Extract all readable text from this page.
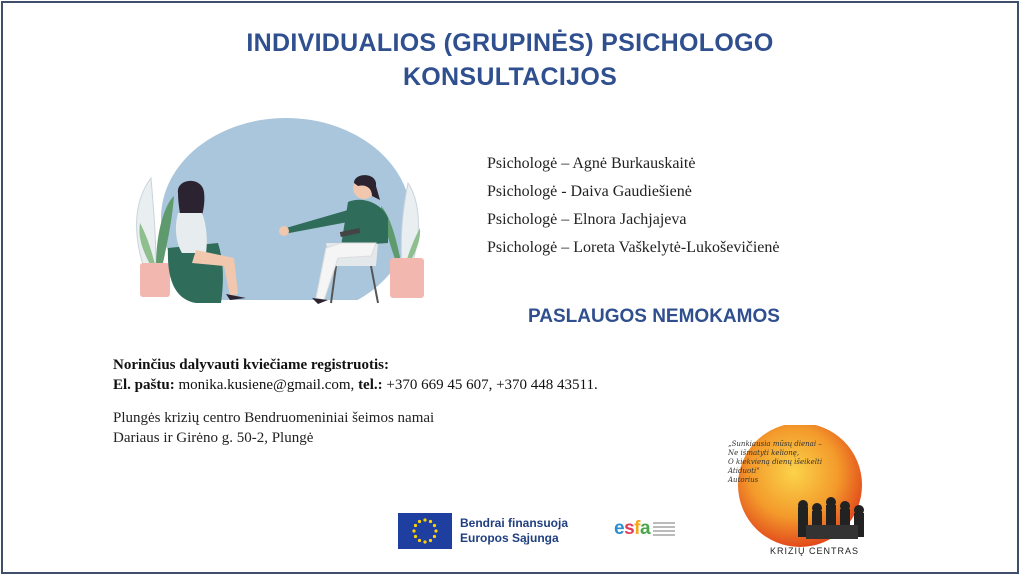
INDIVIDUALIOS (GRUPINĖS) PSICHOLOGO
KONSULTACIJOS
Psichologė – Agnė Burkauskaitė
Psichologė - Daiva Gaudiešienė
Psichologė – Elnora Jachjajeva
Psichologė – Loreta Vaškelytė-Lukoševičienė
PASLAUGOS NEMOKAMOS
Norinčius dalyvauti kviečiame registruotis:
El. paštu: monika.kusiene@gmail.com, tel.: +370 669 45 607, +370 448 43511.
Plungės krizių centro Bendruomeniniai šeimos namai
Dariaus ir Girėno g. 50-2, Plungė
Bendrai finansuoja
Europos Sąjunga	esfa
„Sunkiausia mūsų dienai –
Ne išmatyti kelionę,
O kiekvieną dienų išeikelti
Atiduoti"
Autorius
KRIZIŲ CENTRAS
